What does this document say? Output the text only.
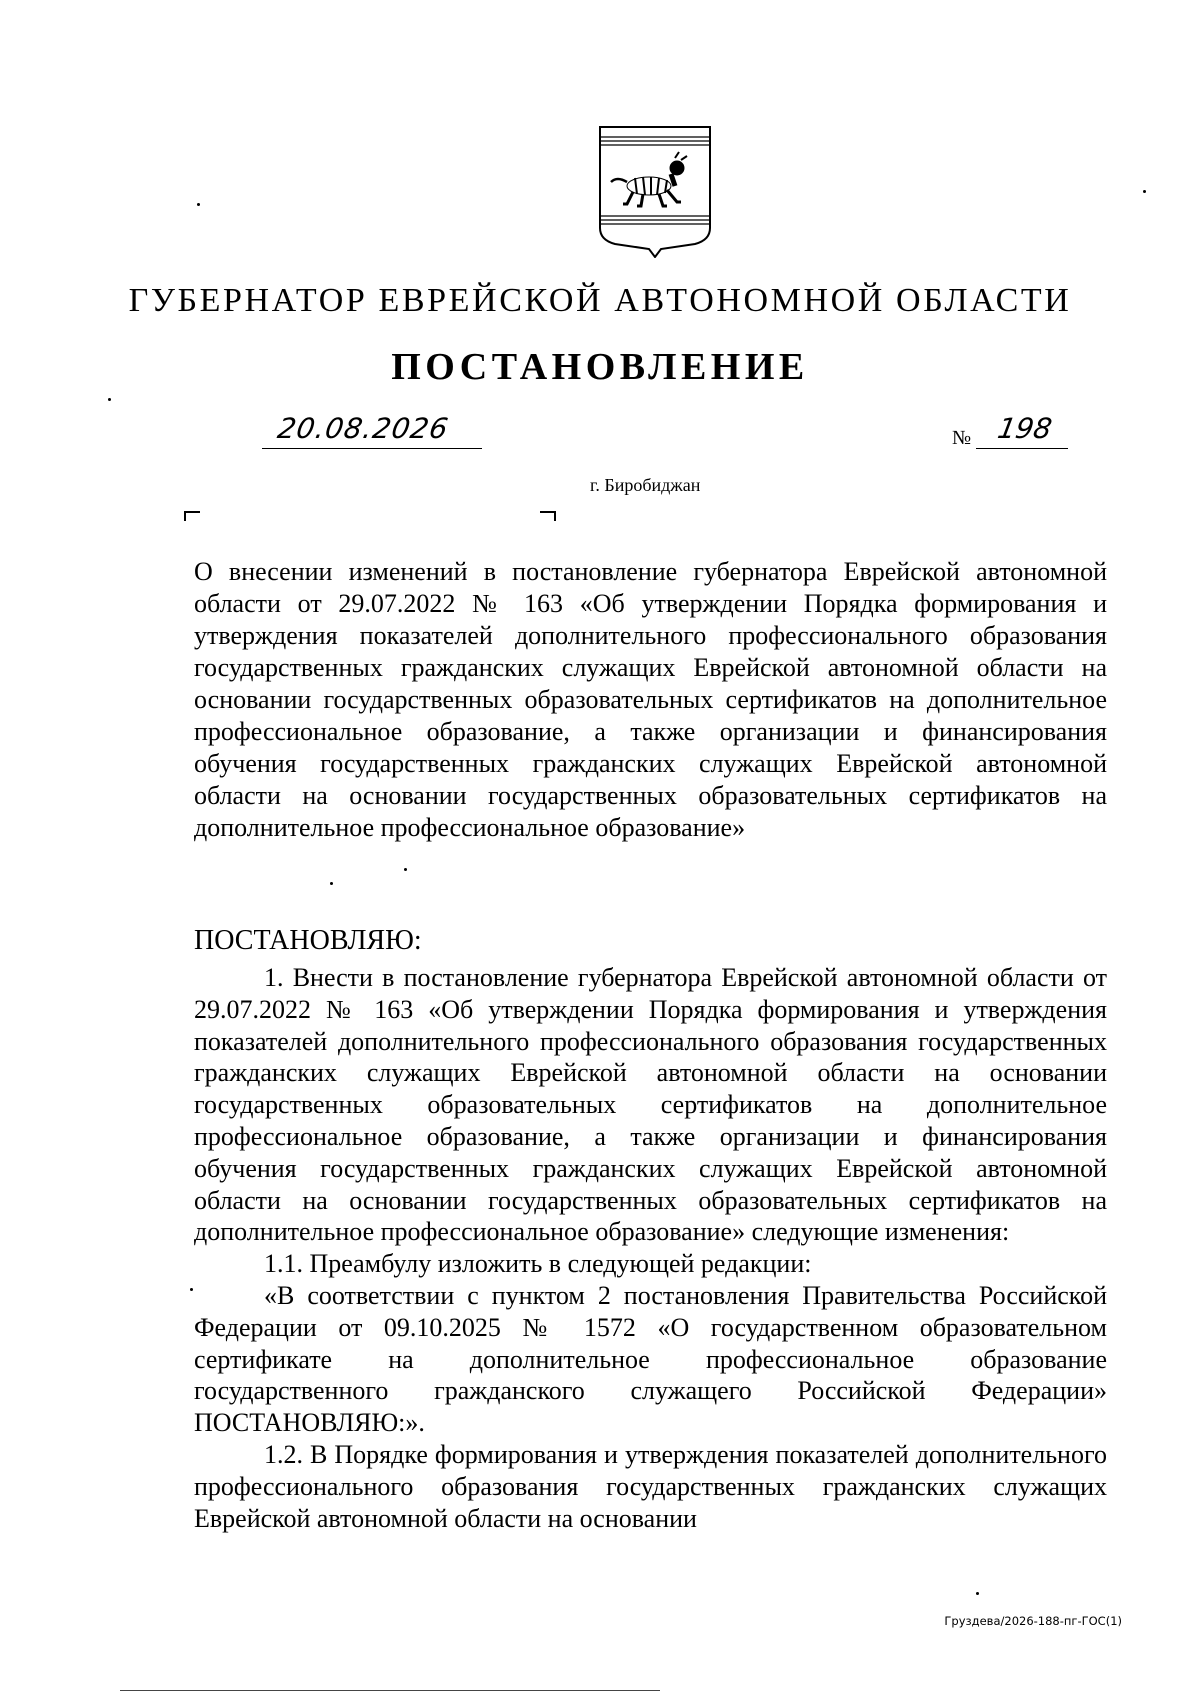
ГУБЕРНАТОР ЕВРЕЙСКОЙ АВТОНОМНОЙ ОБЛАСТИ
ПОСТАНОВЛЕНИЕ
20.08.2026	№ 198
г. Биробиджан
О внесении изменений в постановление губернатора Еврейской автономной области от 29.07.2022 № 163 «Об утверждении Порядка формирования и утверждения показателей дополнительного профессионального образования государственных гражданских служащих Еврейской автономной области на основании государственных образовательных сертификатов на дополнительное профессиональное образование, а также организации и финансирования обучения государственных гражданских служащих Еврейской автономной области на основании государственных образовательных сертификатов на дополнительное профессиональное образование»
ПОСТАНОВЛЯЮ:

1. Внести в постановление губернатора Еврейской автономной области от 29.07.2022 № 163 «Об утверждении Порядка формирования и утверждения показателей дополнительного профессионального образования государственных гражданских служащих Еврейской автономной области на основании государственных образовательных сертификатов на дополнительное профессиональное образование, а также организации и финансирования обучения государственных гражданских служащих Еврейской автономной области на основании государственных образовательных сертификатов на дополнительное профессиональное образование» следующие изменения:

1.1. Преамбулу изложить в следующей редакции:

«В соответствии с пунктом 2 постановления Правительства Российской Федерации от 09.10.2025 № 1572 «О государственном образовательном сертификате на дополнительное профессиональное образование государственного гражданского служащего Российской Федерации» ПОСТАНОВЛЯЮ:».

1.2. В Порядке формирования и утверждения показателей дополнительного профессионального образования государственных гражданских служащих Еврейской автономной области на основании

Груздева/2026-188-пг-ГОС(1)
